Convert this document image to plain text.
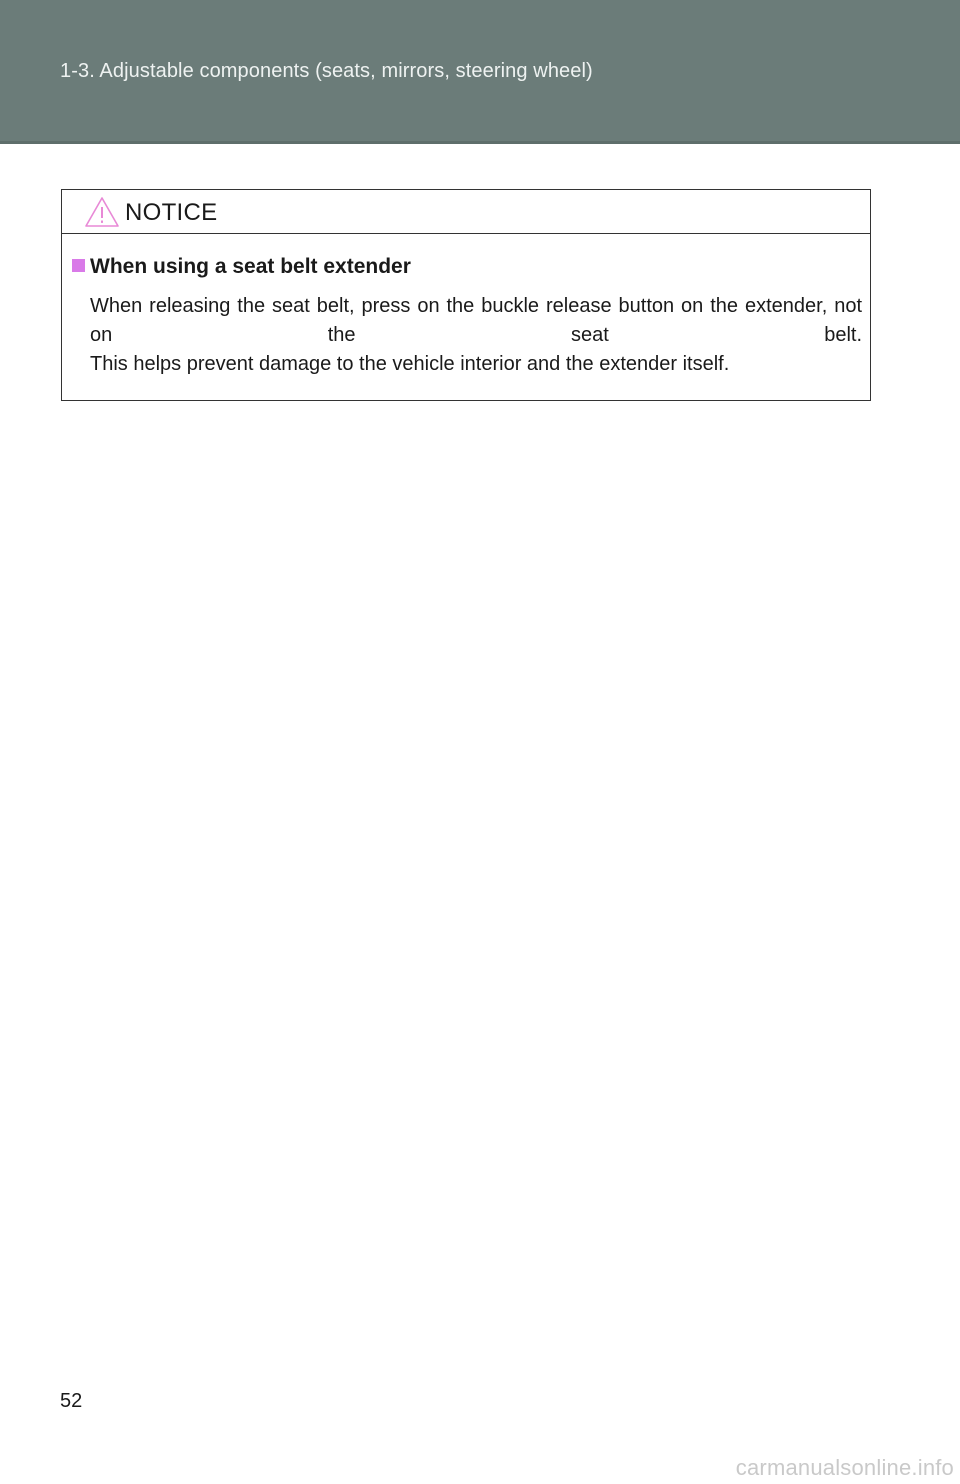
1-3. Adjustable components (seats, mirrors, steering wheel)
NOTICE
When using a seat belt extender

When releasing the seat belt, press on the buckle release button on the extender, not on the seat belt.

This helps prevent damage to the vehicle interior and the extender itself.

52
carmanualsonline.info
